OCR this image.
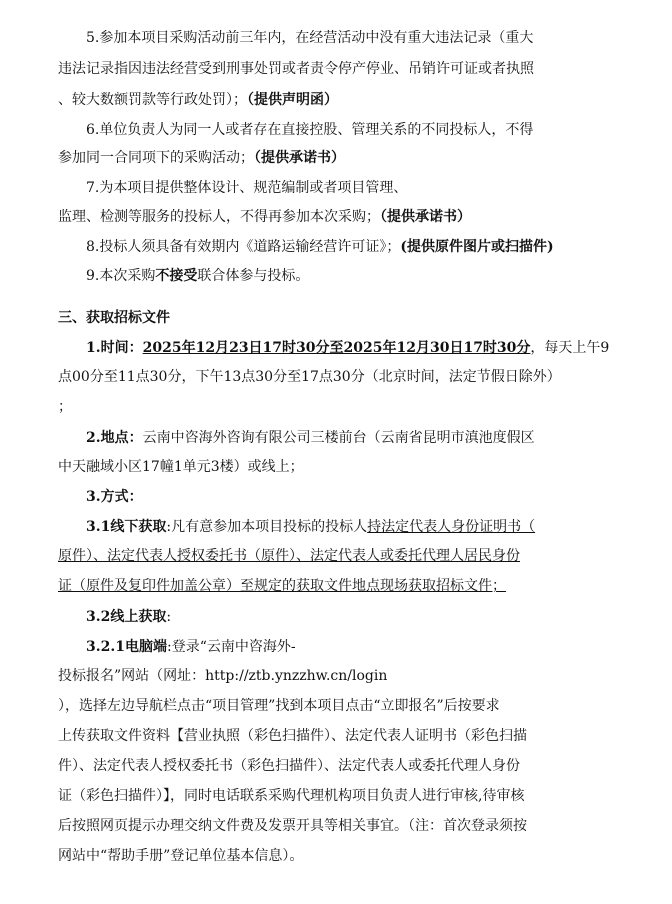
5.参加本项目采购活动前三年内，在经营活动中没有重大违法记录（重大
违法记录指因违法经营受到刑事处罚或者责令停产停业、吊销许可证或者执照
、较大数额罚款等行政处罚）；（提供声明函）
6.单位负责人为同一人或者存在直接控股、管理关系的不同投标人，不得
参加同一合同项下的采购活动；（提供承诺书）
7.为本项目提供整体设计、规范编制或者项目管理、
监理、检测等服务的投标人，不得再参加本次采购；（提供承诺书）
8.投标人须具备有效期内《道路运输经营许可证》；(提供原件图片或扫描件)
9.本次采购不接受联合体参与投标。
三、获取招标文件
1.时间：2025年12月23日17时30分至2025年12月30日17时30分，每天上午9
点00分至11点30分，下午13点30分至17点30分（北京时间，法定节假日除外）
；
2.地点：云南中咨海外咨询有限公司三楼前台（云南省昆明市滇池度假区
中天融域小区17幢1单元3楼）或线上；
3.方式：
3.1线下获取:凡有意参加本项目投标的投标人持法定代表人身份证明书（
原件）、法定代表人授权委托书（原件）、法定代表人或委托代理人居民身份
证（原件及复印件加盖公章）至规定的获取文件地点现场获取招标文件；
3.2线上获取:
3.2.1电脑端:登录“云南中咨海外-
投标报名”网站（网址：http://ztb.ynzzhw.cn/login
），选择左边导航栏点击“项目管理”找到本项目点击“立即报名”后按要求
上传获取文件资料【营业执照（彩色扫描件）、法定代表人证明书（彩色扫描
件）、法定代表人授权委托书（彩色扫描件）、法定代表人或委托代理人身份
证（彩色扫描件）】，同时电话联系采购代理机构项目负责人进行审核,待审核
后按照网页提示办理交纳文件费及发票开具等相关事宜。（注：首次登录须按
网站中“帮助手册”登记单位基本信息）。
